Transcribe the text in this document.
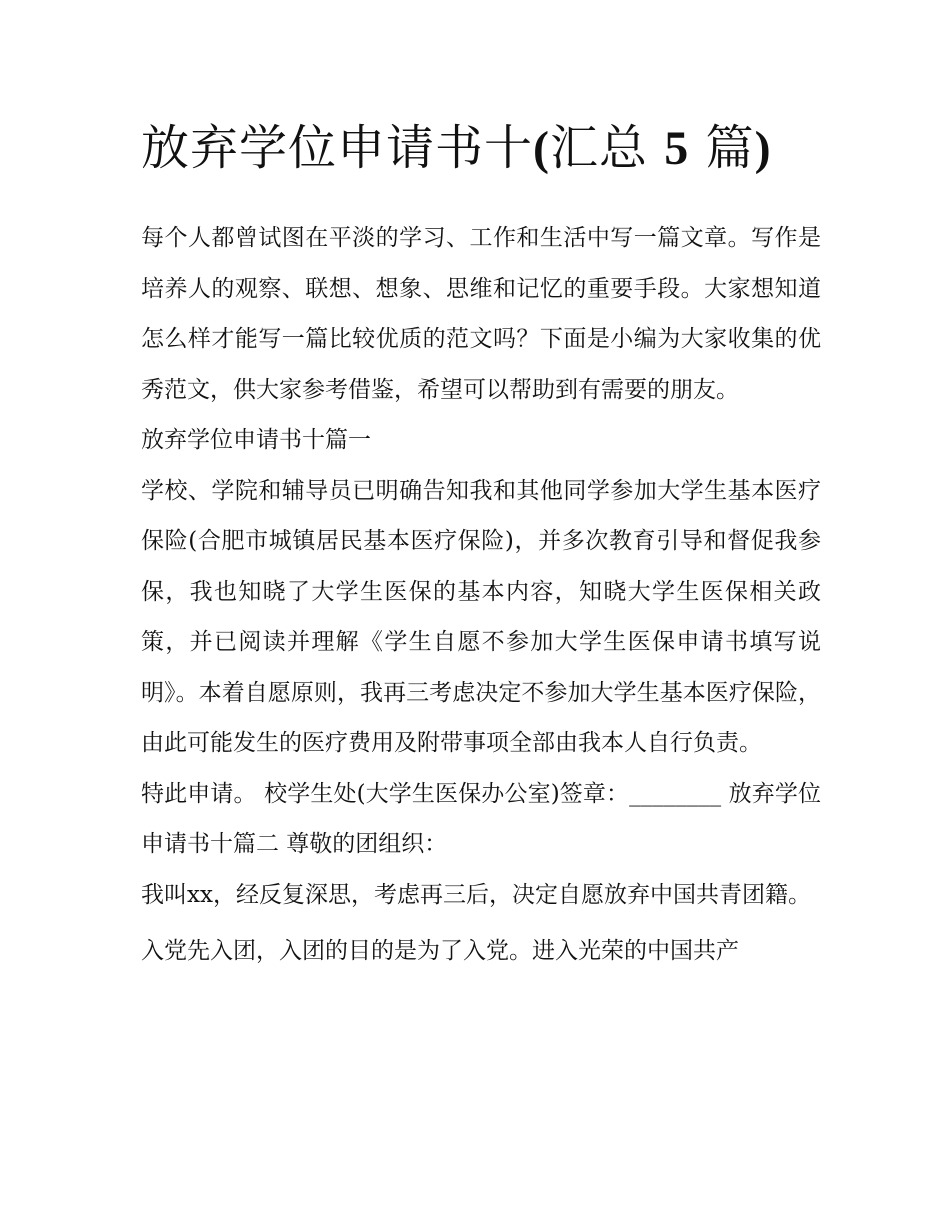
放弃学位申请书十(汇总 5 篇)

每个人都曾试图在平淡的学习、工作和生活中写一篇文章。写作是培养人的观察、联想、想象、思维和记忆的重要手段。大家想知道怎么样才能写一篇比较优质的范文吗？下面是小编为大家收集的优秀范文，供大家参考借鉴，希望可以帮助到有需要的朋友。

放弃学位申请书十篇一

学校、学院和辅导员已明确告知我和其他同学参加大学生基本医疗保险(合肥市城镇居民基本医疗保险)，并多次教育引导和督促我参保，我也知晓了大学生医保的基本内容，知晓大学生医保相关政策，并已阅读并理解《学生自愿不参加大学生医保申请书填写说明》。本着自愿原则，我再三考虑决定不参加大学生基本医疗保险，由此可能发生的医疗费用及附带事项全部由我本人自行负责。

特此申请。 校学生处(大学生医保办公室)签章：________ 放弃学位申请书十篇二 尊敬的团组织：

我叫xx，经反复深思，考虑再三后，决定自愿放弃中国共青团籍。

入党先入团，入团的目的是为了入党。进入光荣的中国共产
